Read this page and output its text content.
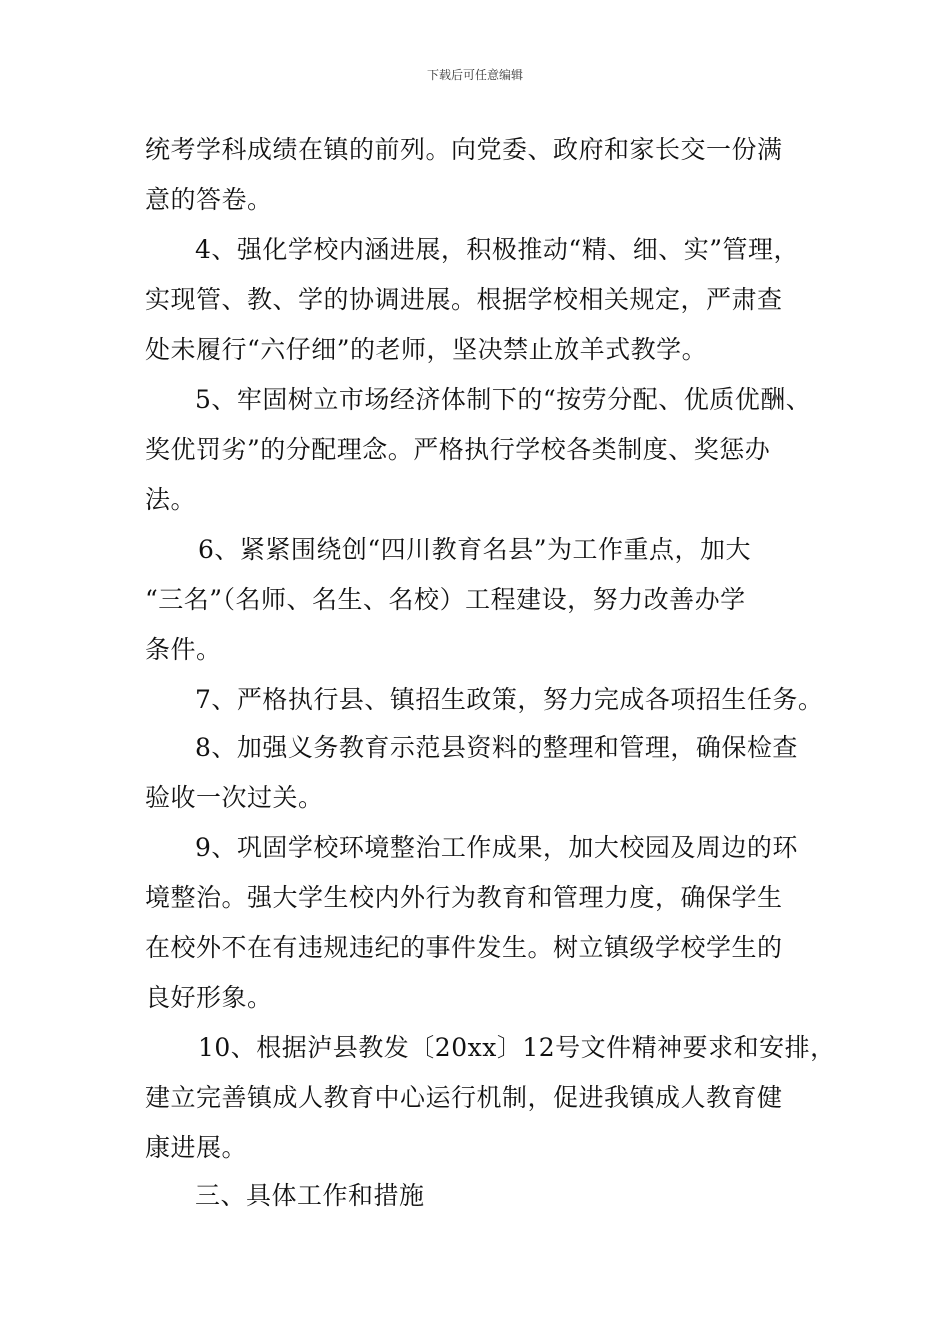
下载后可任意编辑
统考学科成绩在镇的前列。向党委、政府和家长交一份满
意的答卷。
4、强化学校内涵进展，积极推动“精、细、实”管理，
实现管、教、学的协调进展。根据学校相关规定，严肃查
处未履行“六仔细”的老师，坚决禁止放羊式教学。
5、牢固树立市场经济体制下的“按劳分配、优质优酬、
奖优罚劣”的分配理念。严格执行学校各类制度、奖惩办
法。
6、紧紧围绕创“四川教育名县”为工作重点，加大
“三名”（名师、名生、名校）工程建设，努力改善办学
条件。
7、严格执行县、镇招生政策，努力完成各项招生任务。
8、加强义务教育示范县资料的整理和管理，确保检查
验收一次过关。
9、巩固学校环境整治工作成果，加大校园及周边的环
境整治。强大学生校内外行为教育和管理力度，确保学生
在校外不在有违规违纪的事件发生。树立镇级学校学生的
良好形象。
10、根据泸县教发〔20xx〕12号文件精神要求和安排，
建立完善镇成人教育中心运行机制，促进我镇成人教育健
康进展。
三、具体工作和措施
